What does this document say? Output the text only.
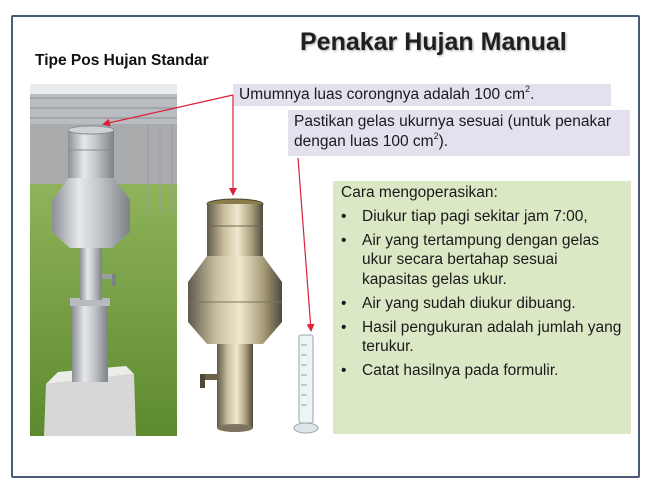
Penakar Hujan Manual
Tipe Pos Hujan Standar
Umumnya luas corongnya adalah 100 $cm^2$.
Pastikan gelas ukurnya sesuai (untuk penakar dengan luas 100 $cm^2$).
Cara mengoperasikan:
• Diukur tiap pagi sekitar jam 7:00,
• Air yang tertampung dengan gelas ukur secara bertahap sesuai kapasitas gelas ukur.
• Air yang sudah diukur dibuang.
• Hasil pengukuran adalah jumlah yang terukur.
• Catat hasilnya pada formulir.
